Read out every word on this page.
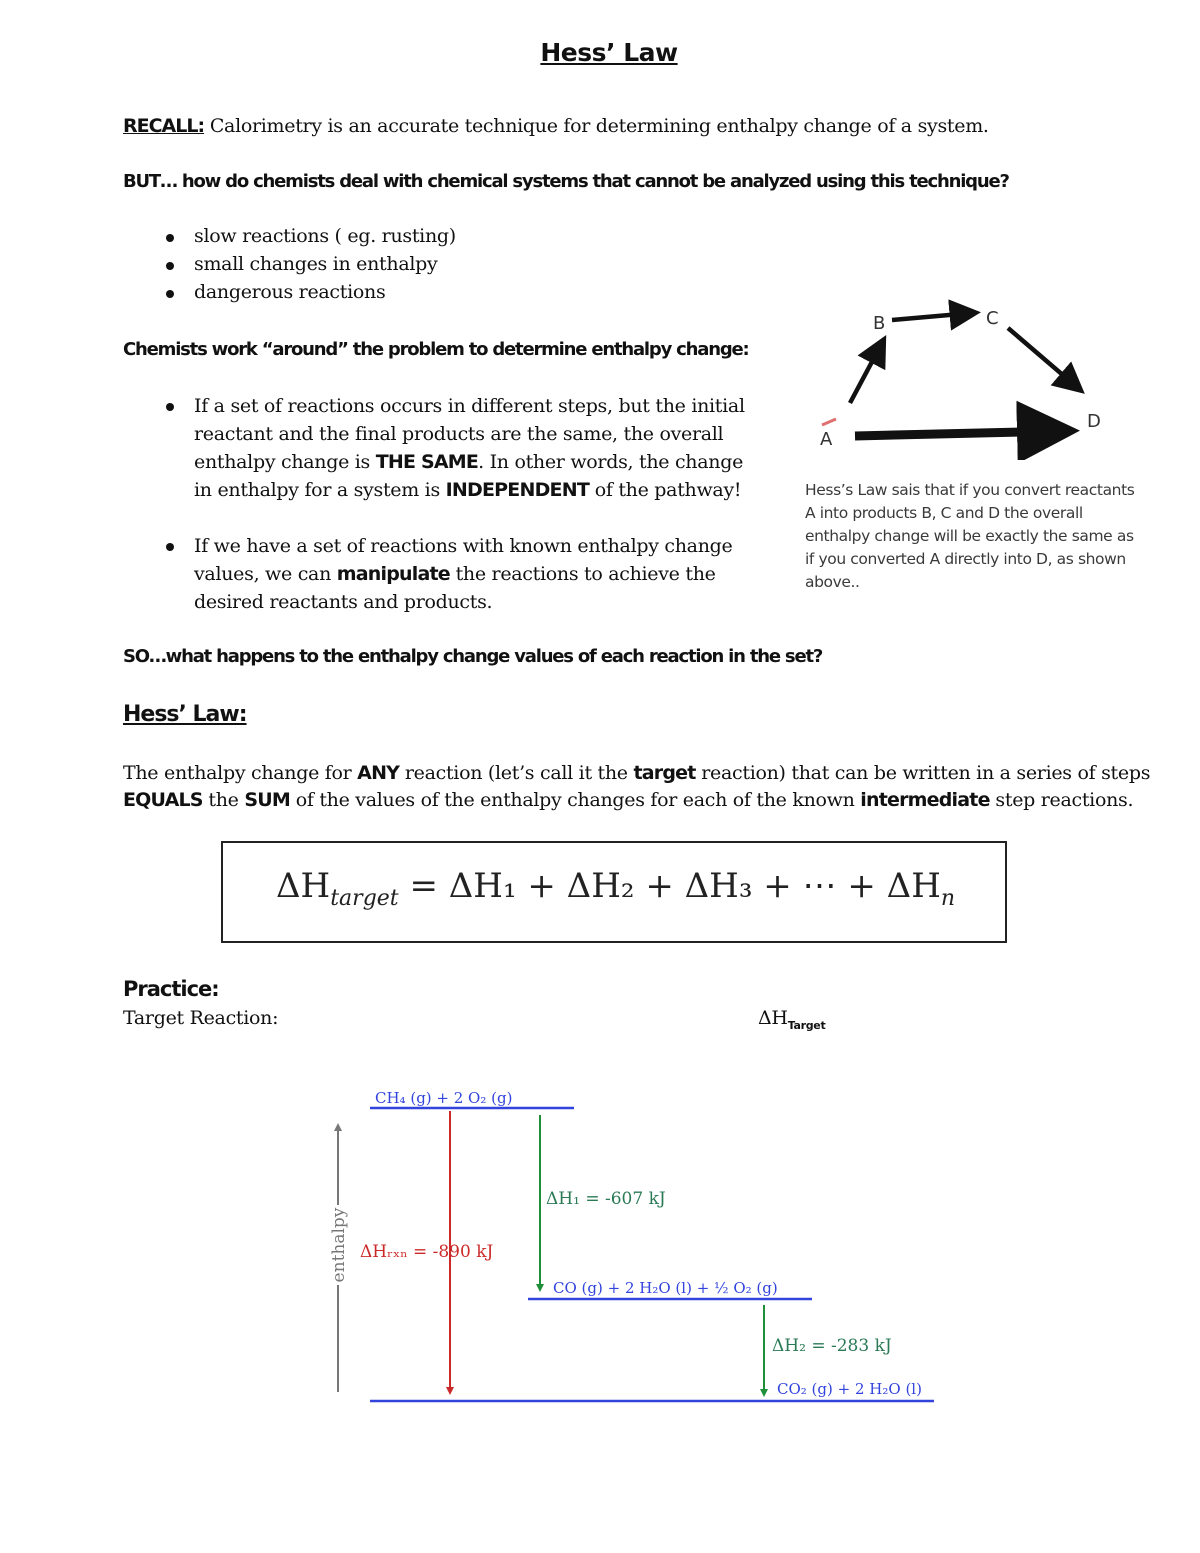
Hess’ Law
RECALL: Calorimetry is an accurate technique for determining enthalpy change of a system.
BUT… how do chemists deal with chemical systems that cannot be analyzed using this technique?
slow reactions ( eg. rusting)
small changes in enthalpy
dangerous reactions
Chemists work “around” the problem to determine enthalpy change:
If a set of reactions occurs in different steps, but the initial reactant and the final products are the same, the overall enthalpy change is THE SAME. In other words, the change in enthalpy for a system is INDEPENDENT of the pathway!
If we have a set of reactions with known enthalpy change values, we can manipulate the reactions to achieve the desired reactants and products.
A
B	C
D
Hess’s Law sais that if you convert reactants A into products B, C and D the overall enthalpy change will be exactly the same as if you converted A directly into D, as shown above..
SO…what happens to the enthalpy change values of each reaction in the set?
Hess’ Law:
The enthalpy change for ANY reaction (let’s call it the target reaction) that can be written in a series of steps
EQUALS the SUM of the values of the enthalpy changes for each of the known intermediate step reactions.
$\Delta H_{target} = \Delta H_1 + \Delta H_2 + \Delta H_3$ + ⋯ + $\Delta H_n$
Practice:
Target Reaction:	$\Delta H_{Target}$
enthalpy
CH₄ (g) + 2 O₂ (g)
CO (g) + 2 H₂O (l) + ½ O₂ (g)
CO₂ (g) + 2 H₂O (l)
ΔHᵣₓₙ = -890 kJ
ΔH₁ = -607 kJ
ΔH₂ = -283 kJ
